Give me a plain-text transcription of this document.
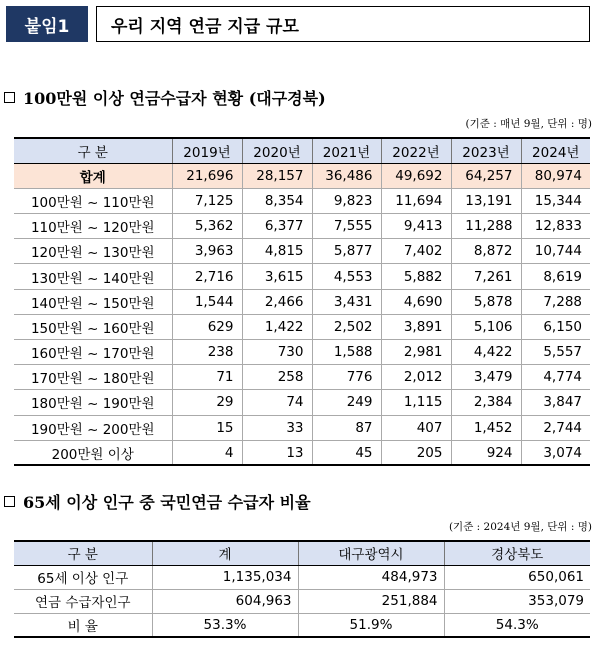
붙임1	우리 지역 연금 지급 규모
100만원 이상 연금수급자 현황 (대구경북)
(기준 : 매년 9월, 단위 : 명)
구 분	2019년	2020년	2021년	2022년	2023년	2024년
합계	21,696	28,157	36,486	49,692	64,257	80,974
100만원 ~ 110만원	7,125	8,354	9,823	11,694	13,191	15,344
110만원 ~ 120만원	5,362	6,377	7,555	9,413	11,288	12,833
120만원 ~ 130만원	3,963	4,815	5,877	7,402	8,872	10,744
130만원 ~ 140만원	2,716	3,615	4,553	5,882	7,261	8,619
140만원 ~ 150만원	1,544	2,466	3,431	4,690	5,878	7,288
150만원 ~ 160만원	629	1,422	2,502	3,891	5,106	6,150
160만원 ~ 170만원	238	730	1,588	2,981	4,422	5,557
170만원 ~ 180만원	71	258	776	2,012	3,479	4,774
180만원 ~ 190만원	29	74	249	1,115	2,384	3,847
190만원 ~ 200만원	15	33	87	407	1,452	2,744
200만원 이상	4	13	45	205	924	3,074
65세 이상 인구 중 국민연금 수급자 비율
(기준 : 2024년 9월, 단위 : 명)
구 분	계	대구광역시	경상북도
65세 이상 인구	1,135,034	484,973	650,061
연금 수급자인구	604,963	251,884	353,079
비 율	53.3%	51.9%	54.3%
